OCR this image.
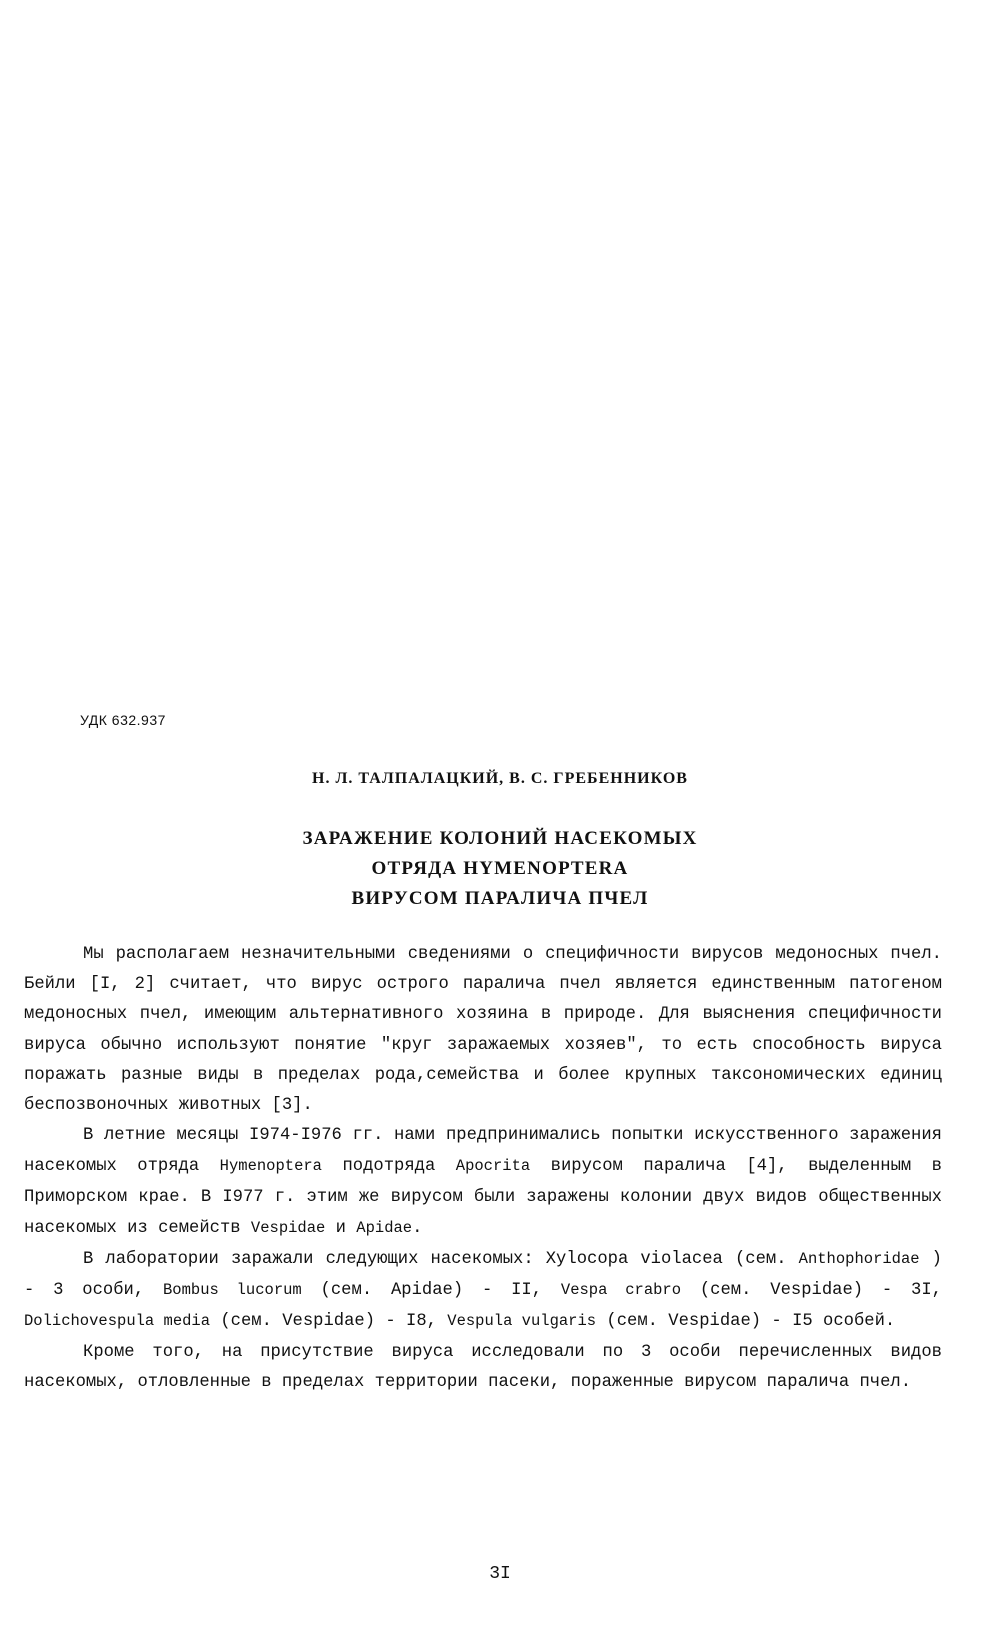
УДК 632.937
Н. Л. ТАЛПАЛАЦКИЙ, В. С. ГРЕБЕННИКОВ
ЗАРАЖЕНИЕ КОЛОНИЙ НАСЕКОМЫХ
ОТРЯДА HYMENOPTERA
ВИРУСОМ ПАРАЛИЧА ПЧЕЛ

Мы располагаем незначительными сведениями о специфичности вирусов медоносных пчел. Бейли [I, 2] считает, что вирус острого паралича пчел является единственным патогеном медоносных пчел, имеющим альтернативного хозяина в природе. Для выяснения специфичности вируса обычно используют понятие "круг заражаемых хозяев", то есть способность вируса поражать разные виды в пределах рода,семейства и более крупных таксономических единиц беспозвоночных животных [3].

В летние месяцы I974-I976 гг. нами предпринимались попытки искусственного заражения насекомых отряда Hymenoptera подотряда Apocrita вирусом паралича [4], выделенным в Приморском крае. В I977 г. этим же вирусом были заражены колонии двух видов общественных насекомых из семейств Vespidae и Apidae.

В лаборатории заражали следующих насекомых: Xylocopa violacea (сем. Anthophoridae ) - 3 особи, Bombus lucorum (сем. Apidae) - II, Vespa crabro (сем. Vespidae) - 3I, Dolichovespula media (сем. Vespidae) - I8, Vespula vulgaris (сем. Vespidae) - I5 особей.

Кроме того, на присутствие вируса исследовали по 3 особи перечисленных видов насекомых, отловленные в пределах территории пасеки, пораженные вирусом паралича пчел.

3I
